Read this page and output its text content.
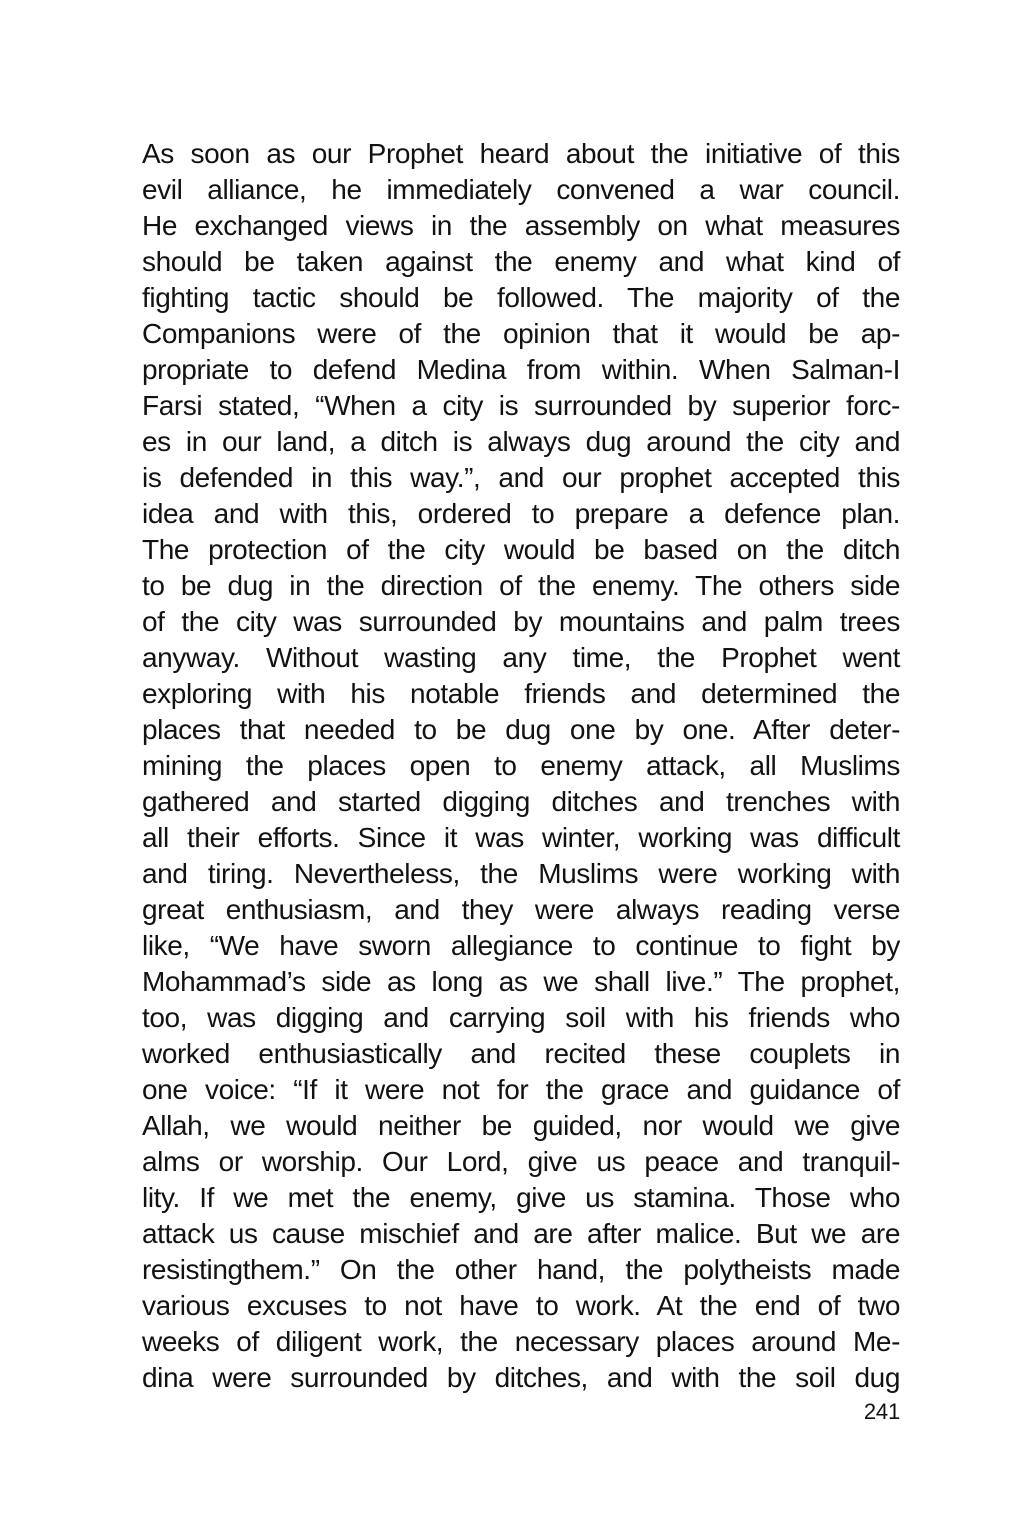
As soon as our Prophet heard about the initiative of this
evil alliance, he immediately convened a war council.
He exchanged views in the assembly on what measures
should be taken against the enemy and what kind of
fighting tactic should be followed. The majority of the
Companions were of the opinion that it would be ap-
propriate to defend Medina from within. When Salman-I
Farsi stated, “When a city is surrounded by superior forc-
es in our land, a ditch is always dug around the city and
is defended in this way.”, and our prophet accepted this
idea and with this, ordered to prepare a defence plan.
The protection of the city would be based on the ditch
to be dug in the direction of the enemy. The others side
of the city was surrounded by mountains and palm trees
anyway. Without wasting any time, the Prophet went
exploring with his notable friends and determined the
places that needed to be dug one by one. After deter-
mining the places open to enemy attack, all Muslims
gathered and started digging ditches and trenches with
all their efforts. Since it was winter, working was difficult
and tiring. Nevertheless, the Muslims were working with
great enthusiasm, and they were always reading verse
like, “We have sworn allegiance to continue to fight by
Mohammad’s side as long as we shall live.” The prophet,
too, was digging and carrying soil with his friends who
worked enthusiastically and recited these couplets in
one voice: “If it were not for the grace and guidance of
Allah, we would neither be guided, nor would we give
alms or worship. Our Lord, give us peace and tranquil-
lity. If we met the enemy, give us stamina. Those who
attack us cause mischief and are after malice. But we are
resistingthem.” On the other hand, the polytheists made
various excuses to not have to work. At the end of two
weeks of diligent work, the necessary places around Me-
dina were surrounded by ditches, and with the soil dug
241
